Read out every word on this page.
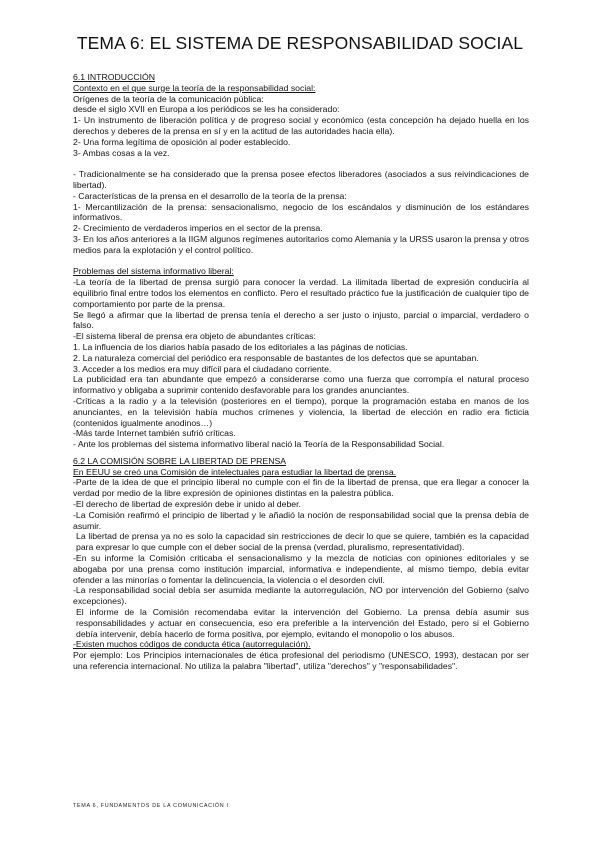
TEMA 6: EL SISTEMA DE RESPONSABILIDAD SOCIAL

6.1 INTRODUCCIÓN

Contexto en el que surge la teoría de la responsabilidad social:

Orígenes de la teoría de la comunicación pública:

desde el siglo XVII en Europa a los periódicos se les ha considerado:

1- Un instrumento de liberación política y de progreso social y económico (esta concepción ha dejado huella en los derechos y deberes de la prensa en sí y en la actitud de las autoridades hacia ella).

2- Una forma legítima de oposición al poder establecido.

3- Ambas cosas a la vez.

- Tradicionalmente se ha considerado que la prensa posee efectos liberadores (asociados a sus reivindicaciones de libertad).

- Características de la prensa en el desarrollo de la teoría de la prensa:

1- Mercantilización de la prensa: sensacionalismo, negocio de los escándalos y disminución de los estándares informativos.

2- Crecimiento de verdaderos imperios en el sector de la prensa.

3- En los años anteriores a la IIGM algunos regímenes autoritarios como Alemania y la URSS usaron la prensa y otros medios para la explotación y el control político.

Problemas del sistema informativo liberal:

-La teoría de la libertad de prensa surgió para conocer la verdad. La ilimitada libertad de expresión conduciría al equilibrio final entre todos los elementos en conflicto. Pero el resultado práctico fue la justificación de cualquier tipo de comportamiento por parte de la prensa.

Se llegó a afirmar que la libertad de prensa tenía el derecho a ser justo o injusto, parcial o imparcial, verdadero o falso.

-El sistema liberal de prensa era objeto de abundantes críticas:

1. La influencia de los diarios había pasado de los editoriales a las páginas de noticias.

2. La naturaleza comercial del periódico era responsable de bastantes de los defectos que se apuntaban.

3. Acceder a los medios era muy difícil para el ciudadano corriente.

La publicidad era tan abundante que empezó a considerarse como una fuerza que corrompía el natural proceso informativo y obligaba a suprimir contenido desfavorable para los grandes anunciantes.

-Críticas a la radio y a la televisión (posteriores en el tiempo), porque la programación estaba en manos de los anunciantes, en la televisión había muchos crímenes y violencia, la libertad de elección en radio era ficticia (contenidos igualmente anodinos…)

-Más tarde Internet también sufrió críticas.

- Ante los problemas del sistema informativo liberal nació la Teoría de la Responsabilidad Social.

6.2 LA COMISIÓN SOBRE LA LIBERTAD DE PRENSA

En EEUU se creó una Comisión de intelectuales para estudiar la libertad de prensa.

-Parte de la idea de que el principio liberal no cumple con el fin de la libertad de prensa, que era llegar a conocer la verdad por medio de la libre expresión de opiniones distintas en la palestra pública.

-El derecho de libertad de expresión debe ir unido al deber.

-La Comisión reafirmó el principio de libertad y le añadió la noción de responsabilidad social que la prensa debía de asumir.

La libertad de prensa ya no es solo la capacidad sin restricciones de decir lo que se quiere, también es la capacidad para expresar lo que cumple con el deber social de la prensa (verdad, pluralismo, representatividad).

-En su informe la Comisión criticaba el sensacionalismo y la mezcla de noticias con opiniones editoriales y se abogaba por una prensa como institución imparcial, informativa e independiente, al mismo tiempo, debía evitar ofender a las minorías o fomentar la delincuencia, la violencia o el desorden civil.

-La responsabilidad social debía ser asumida mediante la autorregulación, NO por intervención del Gobierno (salvo excepciones).

El informe de la Comisión recomendaba evitar la intervención del Gobierno. La prensa debía asumir sus responsabilidades y actuar en consecuencia, eso era preferible a la intervención del Estado, pero si el Gobierno debía intervenir, debía hacerlo de forma positiva, por ejemplo, evitando el monopolio o los abusos.

-Existen muchos códigos de conducta ética (autorregulación).

Por ejemplo: Los Principios internacionales de ética profesional del periodismo (UNESCO, 1993), destacan por ser una referencia internacional. No utiliza la palabra "libertad", utiliza "derechos" y "responsabilidades".

TEMA 6, FUNDAMENTOS DE LA COMUNICACIÓN I
